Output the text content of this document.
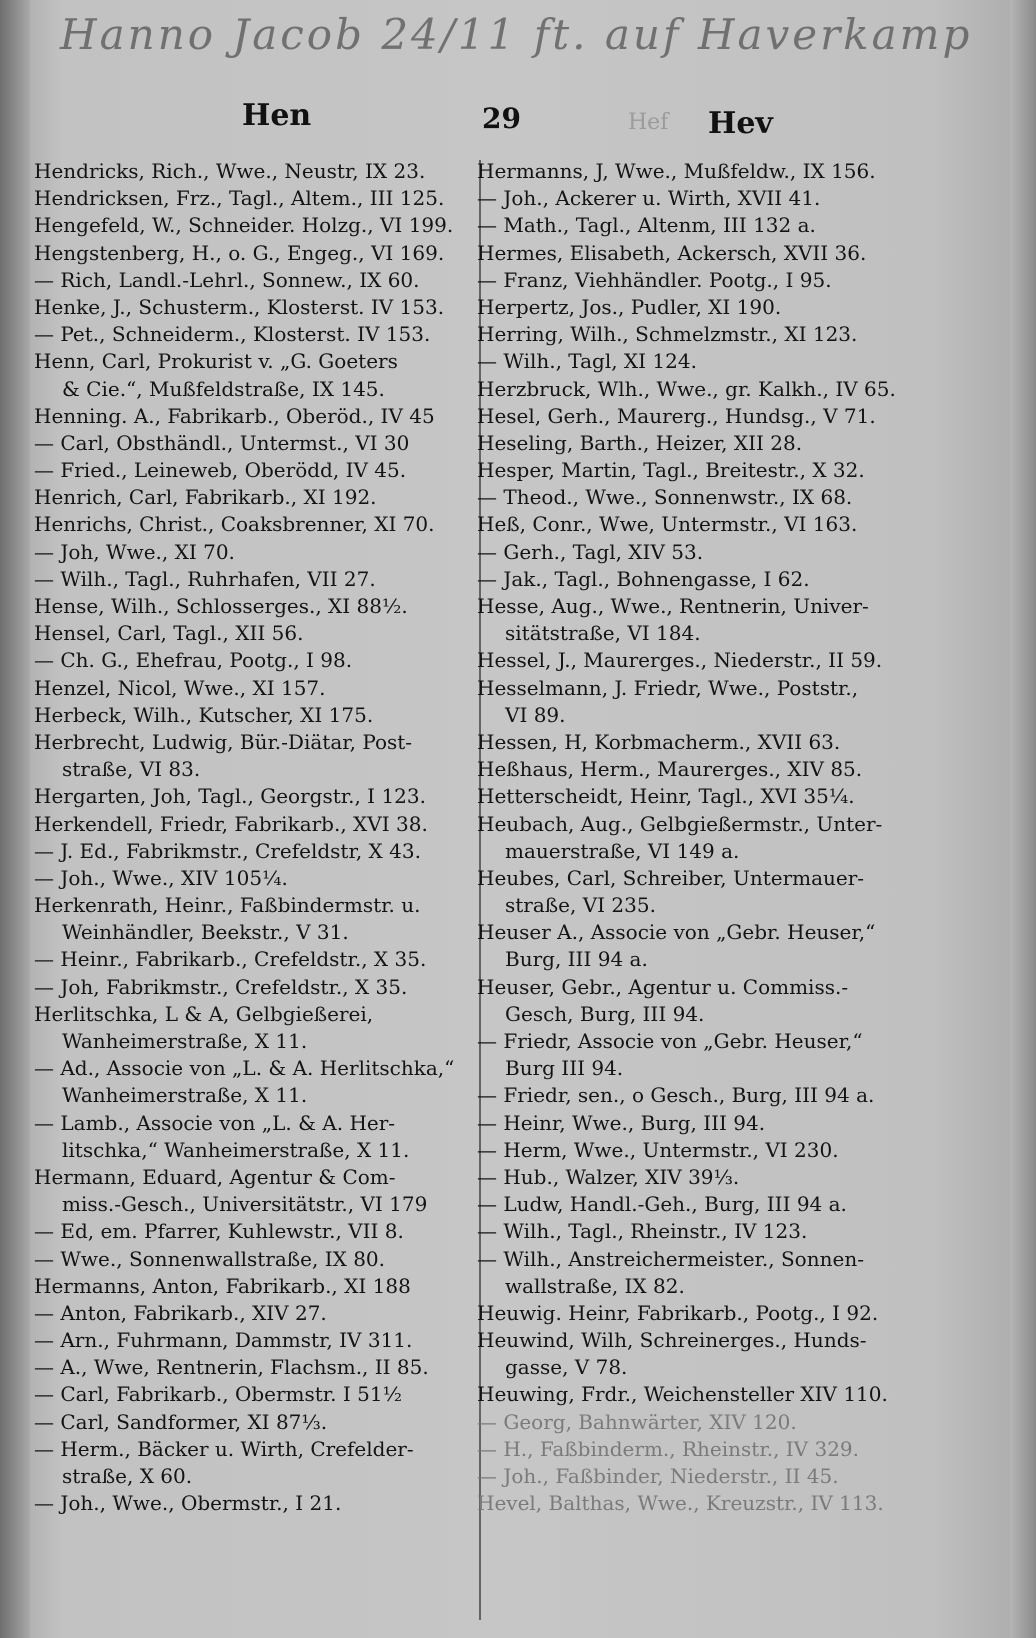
Hanno Jacob 24/11 ft. auf Haverkamp
Hen	29	Hef Hev
Hendricks, Rich., Wwe., Neustr, IX 23.
Hendricksen, Frz., Tagl., Altem., III 125.
Hengefeld, W., Schneider. Holzg., VI 199.
Hengstenberg, H., o. G., Engeg., VI 169.
— Rich, Landl.-Lehrl., Sonnew., IX 60.
Henke, J., Schusterm., Klosterst. IV 153.
— Pet., Schneiderm., Klosterst. IV 153.
Henn, Carl, Prokurist v. „G. Goeters
& Cie.“, Mußfeldstraße, IX 145.
Henning. A., Fabrikarb., Oberöd., IV 45
— Carl, Obsthändl., Untermst., VI 30
— Fried., Leineweb, Oberödd, IV 45.
Henrich, Carl, Fabrikarb., XI 192.
Henrichs, Christ., Coaksbrenner, XI 70.
— Joh, Wwe., XI 70.
— Wilh., Tagl., Ruhrhafen, VII 27.
Hense, Wilh., Schlosserges., XI 88½.
Hensel, Carl, Tagl., XII 56.
— Ch. G., Ehefrau, Pootg., I 98.
Henzel, Nicol, Wwe., XI 157.
Herbeck, Wilh., Kutscher, XI 175.
Herbrecht, Ludwig, Bür.-Diätar, Post-
straße, VI 83.
Hergarten, Joh, Tagl., Georgstr., I 123.
Herkendell, Friedr, Fabrikarb., XVI 38.
— J. Ed., Fabrikmstr., Crefeldstr, X 43.
— Joh., Wwe., XIV 105¼.
Herkenrath, Heinr., Faßbindermstr. u.
Weinhändler, Beekstr., V 31.
— Heinr., Fabrikarb., Crefeldstr., X 35.
— Joh, Fabrikmstr., Crefeldstr., X 35.
Herlitschka, L & A, Gelbgießerei,
Wanheimerstraße, X 11.
— Ad., Associe von „L. & A. Herlitschka,“
Wanheimerstraße, X 11.
— Lamb., Associe von „L. & A. Her-
litschka,“ Wanheimerstraße, X 11.
Hermann, Eduard, Agentur & Com-
miss.-Gesch., Universitätstr., VI 179
— Ed, em. Pfarrer, Kuhlewstr., VII 8.
— Wwe., Sonnenwallstraße, IX 80.
Hermanns, Anton, Fabrikarb., XI 188
— Anton, Fabrikarb., XIV 27.
— Arn., Fuhrmann, Dammstr, IV 311.
— A., Wwe, Rentnerin, Flachsm., II 85.
— Carl, Fabrikarb., Obermstr. I 51½
— Carl, Sandformer, XI 87⅓.
— Herm., Bäcker u. Wirth, Crefelder-
straße, X 60.
— Joh., Wwe., Obermstr., I 21.
Hermanns, J, Wwe., Mußfeldw., IX 156.
— Joh., Ackerer u. Wirth, XVII 41.
— Math., Tagl., Altenm, III 132 a.
Hermes, Elisabeth, Ackersch, XVII 36.
— Franz, Viehhändler. Pootg., I 95.
Herpertz, Jos., Pudler, XI 190.
Herring, Wilh., Schmelzmstr., XI 123.
— Wilh., Tagl, XI 124.
Herzbruck, Wlh., Wwe., gr. Kalkh., IV 65.
Hesel, Gerh., Maurerg., Hundsg., V 71.
Heseling, Barth., Heizer, XII 28.
Hesper, Martin, Tagl., Breitestr., X 32.
— Theod., Wwe., Sonnenwstr., IX 68.
Heß, Conr., Wwe, Untermstr., VI 163.
— Gerh., Tagl, XIV 53.
— Jak., Tagl., Bohnengasse, I 62.
Hesse, Aug., Wwe., Rentnerin, Univer-
sitätstraße, VI 184.
Hessel, J., Maurerges., Niederstr., II 59.
Hesselmann, J. Friedr, Wwe., Poststr.,
VI 89.
Hessen, H, Korbmacherm., XVII 63.
Heßhaus, Herm., Maurerges., XIV 85.
Hetterscheidt, Heinr, Tagl., XVI 35¼.
Heubach, Aug., Gelbgießermstr., Unter-
mauerstraße, VI 149 a.
Heubes, Carl, Schreiber, Untermauer-
straße, VI 235.
Heuser A., Associe von „Gebr. Heuser,“
Burg, III 94 a.
Heuser, Gebr., Agentur u. Commiss.-
Gesch, Burg, III 94.
— Friedr, Associe von „Gebr. Heuser,“
Burg III 94.
— Friedr, sen., o Gesch., Burg, III 94 a.
— Heinr, Wwe., Burg, III 94.
— Herm, Wwe., Untermstr., VI 230.
— Hub., Walzer, XIV 39⅓.
— Ludw, Handl.-Geh., Burg, III 94 a.
— Wilh., Tagl., Rheinstr., IV 123.
— Wilh., Anstreichermeister., Sonnen-
wallstraße, IX 82.
Heuwig. Heinr, Fabrikarb., Pootg., I 92.
Heuwind, Wilh, Schreinerges., Hunds-
gasse, V 78.
Heuwing, Frdr., Weichensteller XIV 110.
— Georg, Bahnwärter, XIV 120.
— H., Faßbinderm., Rheinstr., IV 329.
— Joh., Faßbinder, Niederstr., II 45.
Hevel, Balthas, Wwe., Kreuzstr., IV 113.
